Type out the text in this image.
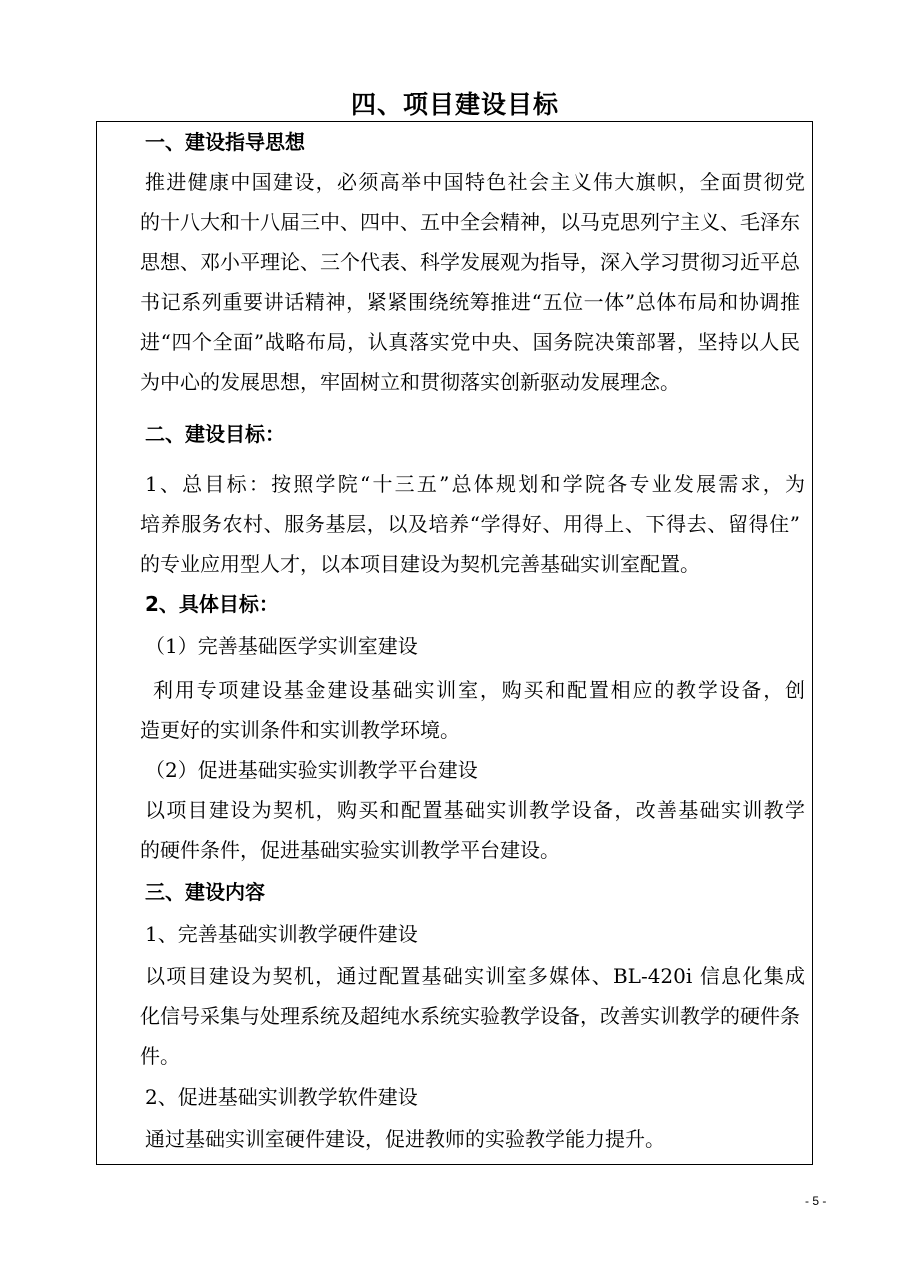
四、项目建设目标
一、建设指导思想
推进健康中国建设，必须高举中国特色社会主义伟大旗帜，全面贯彻党
的十八大和十八届三中、四中、五中全会精神，以马克思列宁主义、毛泽东
思想、邓小平理论、三个代表、科学发展观为指导，深入学习贯彻习近平总
书记系列重要讲话精神，紧紧围绕统筹推进“五位一体”总体布局和协调推
进“四个全面”战略布局，认真落实党中央、国务院决策部署，坚持以人民
为中心的发展思想，牢固树立和贯彻落实创新驱动发展理念。
二、建设目标：
1、总目标：按照学院“十三五”总体规划和学院各专业发展需求，为
培养服务农村、服务基层，以及培养“学得好、用得上、下得去、留得住”
的专业应用型人才，以本项目建设为契机完善基础实训室配置。
2、具体目标：
（1）完善基础医学实训室建设
利用专项建设基金建设基础实训室，购买和配置相应的教学设备，创
造更好的实训条件和实训教学环境。
（2）促进基础实验实训教学平台建设
以项目建设为契机，购买和配置基础实训教学设备，改善基础实训教学
的硬件条件，促进基础实验实训教学平台建设。
三、建设内容
1、完善基础实训教学硬件建设
以项目建设为契机，通过配置基础实训室多媒体、BL-420i 信息化集成
化信号采集与处理系统及超纯水系统实验教学设备，改善实训教学的硬件条
件。
2、促进基础实训教学软件建设
通过基础实训室硬件建设，促进教师的实验教学能力提升。
- 5 -
